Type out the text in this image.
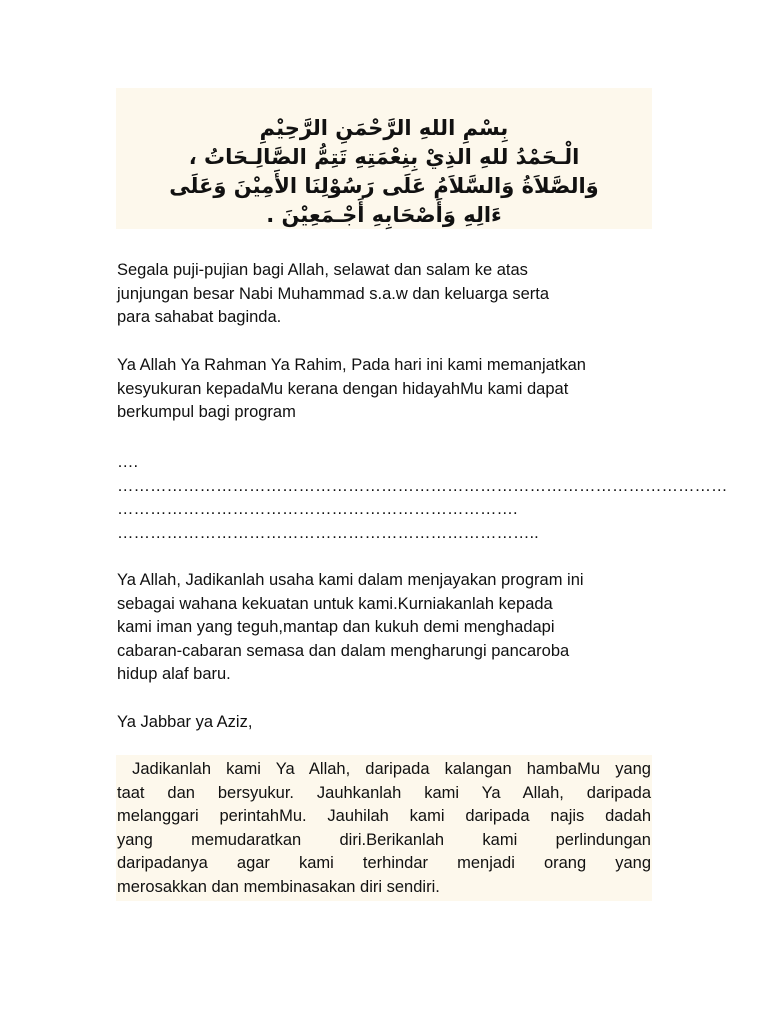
بِسْمِ اللهِ الرَّحْمَنِ الرَّحِيْمِ
الْـحَمْدُ للهِ الذِيْ بِنِعْمَتِهِ تَتِمُّ الصَّالِـحَاتُ ،
وَالصَّلاَةُ وَالسَّلاَمُ عَلَى رَسُوْلِنَا الأَمِيْنَ وَعَلَى
ءَالِهِ وَأَصْحَابِهِ أَجْـمَعِيْنَ .
Segala puji-pujian bagi Allah, selawat dan salam ke atas
junjungan besar Nabi Muhammad s.a.w dan keluarga serta
para sahabat baginda.
Ya Allah Ya Rahman Ya Rahim, Pada hari ini kami memanjatkan
kesyukuran kepadaMu kerana dengan hidayahMu kami dapat
berkumpul bagi program
….
…………………………………………………………………………………………………
……………………………………………………………….
…………………………………………………………………..
Ya Allah, Jadikanlah usaha kami dalam menjayakan program ini
sebagai wahana kekuatan untuk kami.Kurniakanlah kepada
kami iman yang teguh,mantap dan kukuh demi menghadapi
cabaran-cabaran semasa dan dalam mengharungi pancaroba
hidup alaf baru.
Ya Jabbar ya Aziz,
Jadikanlah kami Ya Allah, daripada kalangan hambaMu yang
taat dan bersyukur. Jauhkanlah kami Ya Allah, daripada
melanggari perintahMu. Jauhilah kami daripada najis dadah
yang memudaratkan diri.Berikanlah kami perlindungan
daripadanya agar kami terhindar menjadi orang yang
merosakkan dan membinasakan diri sendiri.
